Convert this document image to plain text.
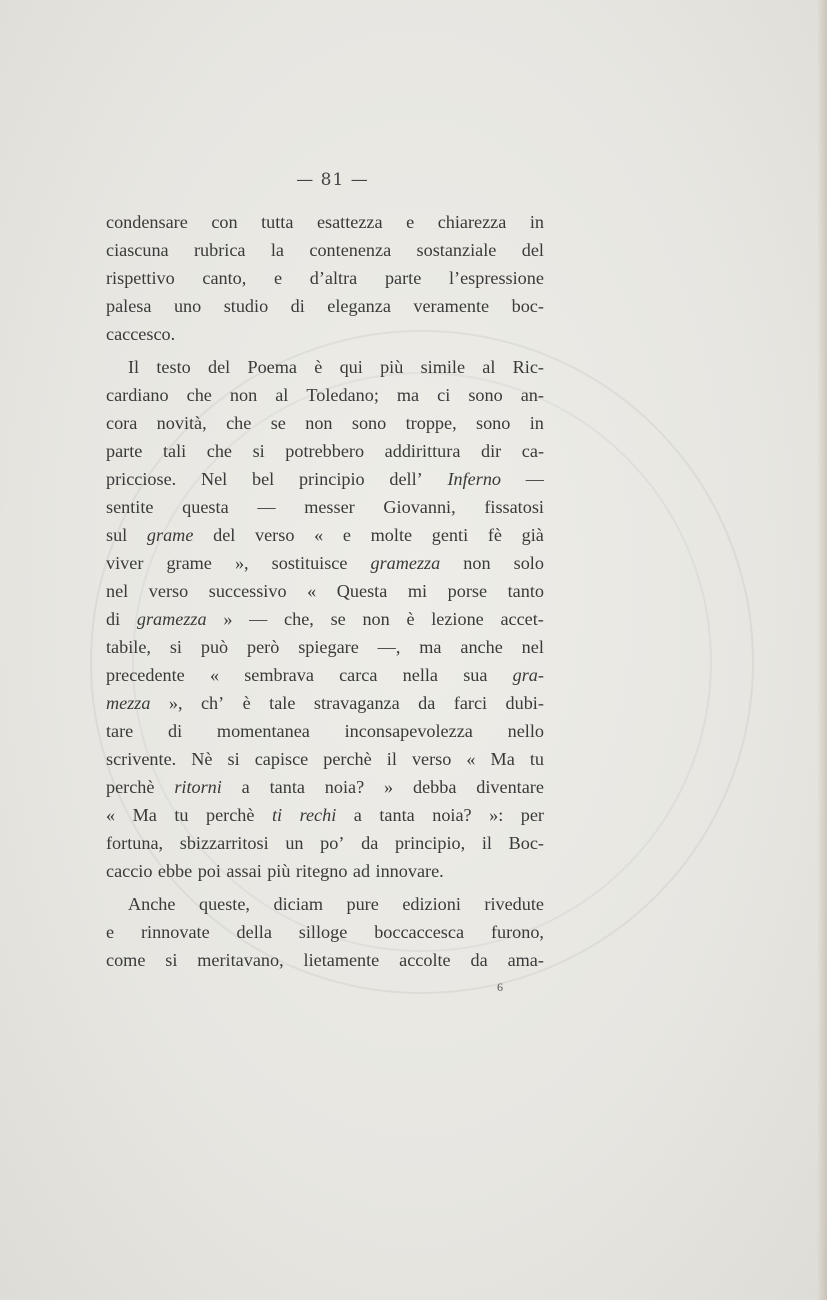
— 81 —
condensare con tutta esattezza e chiarezza in
ciascuna rubrica la contenenza sostanziale del
rispettivo canto, e d’altra parte l’espressione
palesa uno studio di eleganza veramente boc-
caccesco.
Il testo del Poema è qui più simile al Ric-
cardiano che non al Toledano; ma ci sono an-
cora novità, che se non sono troppe, sono in
parte tali che si potrebbero addirittura dir ca-
pricciose. Nel bel principio dell’ Inferno —
sentite questa — messer Giovanni, fissatosi
sul grame del verso « e molte genti fè già
viver grame », sostituisce gramezza non solo
nel verso successivo « Questa mi porse tanto
di gramezza » — che, se non è lezione accet-
tabile, si può però spiegare —, ma anche nel
precedente « sembrava carca nella sua gra-
mezza », ch’ è tale stravaganza da farci dubi-
tare di momentanea inconsapevolezza nello
scrivente. Nè si capisce perchè il verso « Ma tu
perchè ritorni a tanta noia? » debba diventare
« Ma tu perchè ti rechi a tanta noia? »: per
fortuna, sbizzarritosi un po’ da principio, il Boc-
caccio ebbe poi assai più ritegno ad innovare.
Anche queste, diciam pure edizioni rivedute
e rinnovate della silloge boccaccesca furono,
come si meritavano, lietamente accolte da ama-
6
